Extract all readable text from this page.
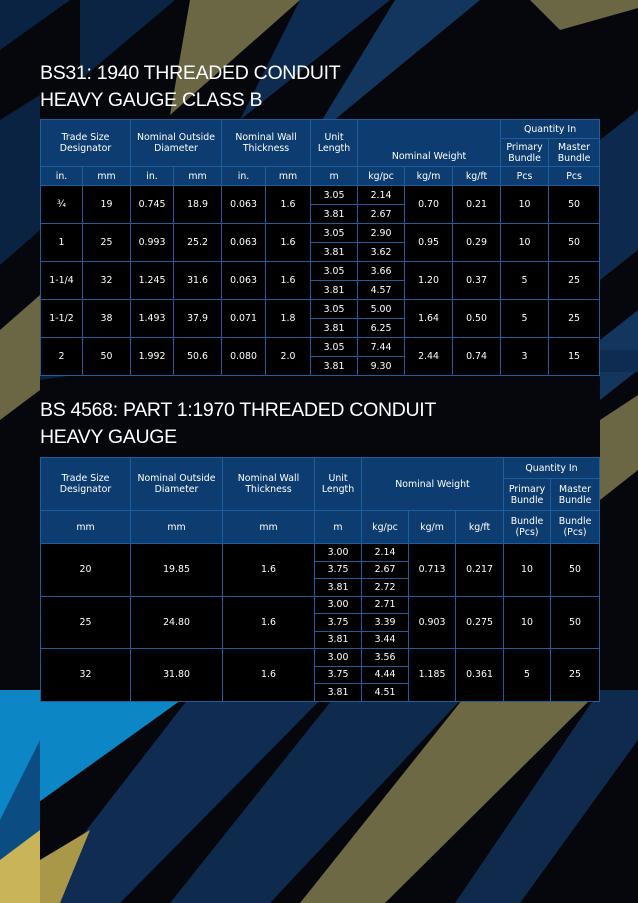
BS31: 1940 THREADED CONDUIT
HEAVY GAUGE CLASS B
Trade Size Designator		Nominal Outside Diameter		Nominal Wall Thickness		Unit Length	Nominal Weight			Quantity In	
										Primary Bundle	Master Bundle
in.	mm	in.	mm	in.	mm	m	kg/pc	kg/m	kg/ft	Pcs	Pcs
¾	19	0.745	18.9	0.063	1.6	3.05	2.14	0.70	0.21	10	50
						3.81	2.67				
1	25	0.993	25.2	0.063	1.6	3.05	2.90	0.95	0.29	10	50
						3.81	3.62				
1-1/4	32	1.245	31.6	0.063	1.6	3.05	3.66	1.20	0.37	5	25
						3.81	4.57				
1-1/2	38	1.493	37.9	0.071	1.8	3.05	5.00	1.64	0.50	5	25
						3.81	6.25				
2	50	1.992	50.6	0.080	2.0	3.05	7.44	2.44	0.74	3	15
						3.81	9.30				
BS 4568: PART 1:1970 THREADED CONDUIT
HEAVY GAUGE
Trade Size Designator	Nominal Outside Diameter	Nominal Wall Thickness	Unit Length	Nominal Weight			Quantity In	
							Primary Bundle	Master Bundle
mm	mm	mm	m	kg/pc	kg/m	kg/ft	Bundle (Pcs)	Bundle (Pcs)
20	19.85	1.6	3.00	2.14	0.713	0.217	10	50
			3.75	2.67				
			3.81	2.72				
25	24.80	1.6	3.00	2.71	0.903	0.275	10	50
			3.75	3.39				
			3.81	3.44				
32	31.80	1.6	3.00	3.56	1.185	0.361	5	25
			3.75	4.44				
			3.81	4.51				
